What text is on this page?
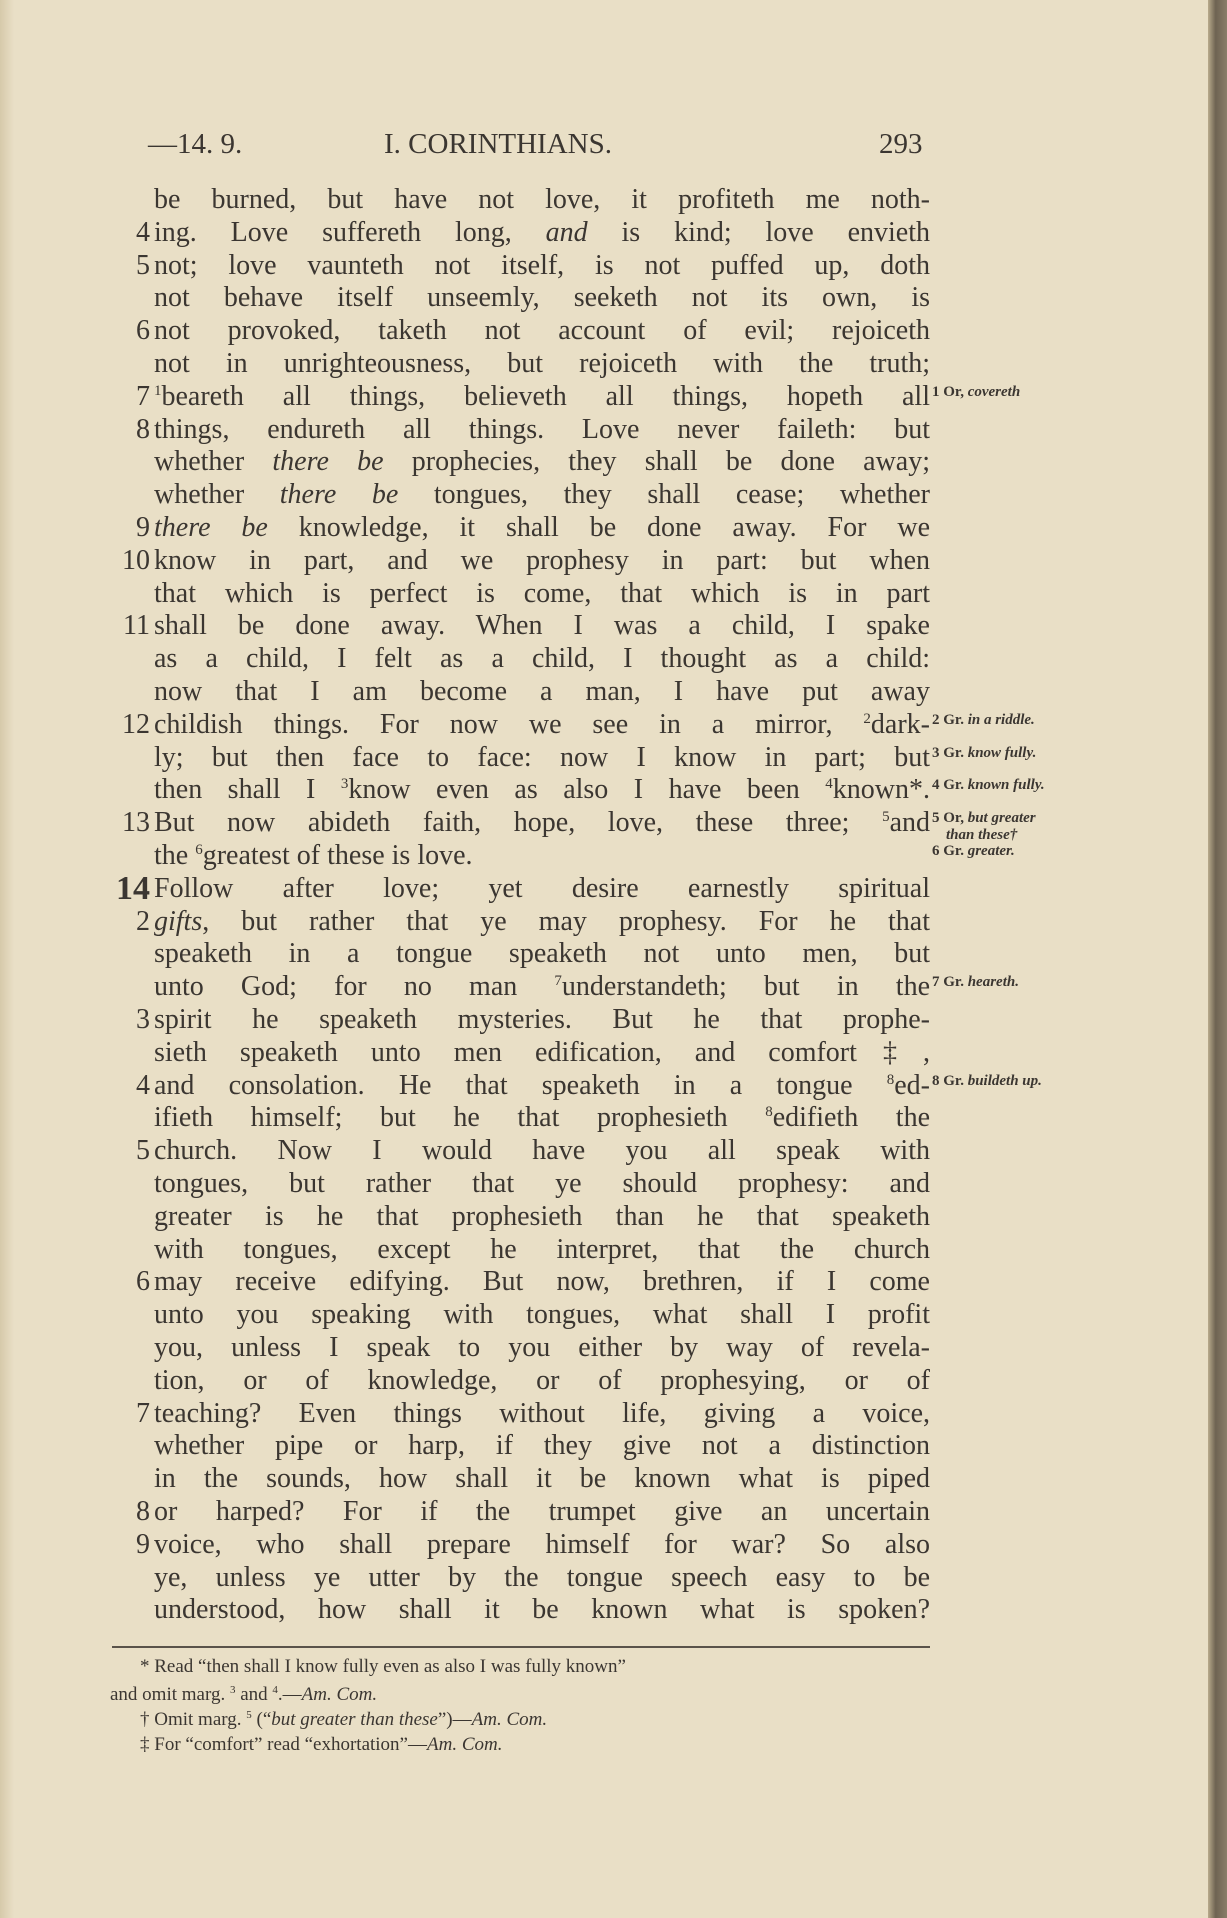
—14. 9.	I. CORINTHIANS.	293
be burned, but have not love, it profiteth me noth-
4 ing. Love suffereth long, and is kind; love envieth
5 not; love vaunteth not itself, is not puffed up, doth
not behave itself unseemly, seeketh not its own, is
6 not provoked, taketh not account of evil; rejoiceth
not in unrighteousness, but rejoiceth with the truth;
7 $^1$beareth all things, believeth all things, hopeth all 1 Or, covereth
8 things, endureth all things. Love never faileth: but
whether there be prophecies, they shall be done away;
whether there be tongues, they shall cease; whether
9 there be knowledge, it shall be done away. For we
10 know in part, and we prophesy in part: but when
that which is perfect is come, that which is in part
11 shall be done away. When I was a child, I spake
as a child, I felt as a child, I thought as a child:
now that I am become a man, I have put away
12 childish things. For now we see in a mirror, $^2$dark- 2 Gr. in a riddle.
ly; but then face to face: now I know in part; but 3 Gr. know fully.
then shall I $^3$know even as also I have been $^4$known*. 4 Gr. known fully.
13 But now abideth faith, hope, love, these three; $^5$and 5 Or, but greater
than these†
the $^6$greatest of these is love.	6 Gr. greater.
14 Follow after love; yet desire earnestly spiritual
2 gifts, but rather that ye may prophesy. For he that
speaketh in a tongue speaketh not unto men, but
unto God; for no man $^7$understandeth; but in the 7 Gr. heareth.
3 spirit he speaketh mysteries. But he that prophe-
sieth speaketh unto men edification, and comfort‡,
4 and consolation. He that speaketh in a tongue $^8$ed- 8 Gr. buildeth up.
ifieth himself; but he that prophesieth $^8$edifieth the
5 church. Now I would have you all speak with
tongues, but rather that ye should prophesy: and
greater is he that prophesieth than he that speaketh
with tongues, except he interpret, that the church
6 may receive edifying. But now, brethren, if I come
unto you speaking with tongues, what shall I profit
you, unless I speak to you either by way of revela-
tion, or of knowledge, or of prophesying, or of
7 teaching? Even things without life, giving a voice,
whether pipe or harp, if they give not a distinction
in the sounds, how shall it be known what is piped
8 or harped? For if the trumpet give an uncertain
9 voice, who shall prepare himself for war? So also
ye, unless ye utter by the tongue speech easy to be
understood, how shall it be known what is spoken?
* Read “then shall I know fully even as also I was fully known”
and omit marg. $^3$ and $^4$.—Am. Com.
† Omit marg. $^5$ (“but greater than these”)—Am. Com.
‡ For “comfort” read “exhortation”—Am. Com.
